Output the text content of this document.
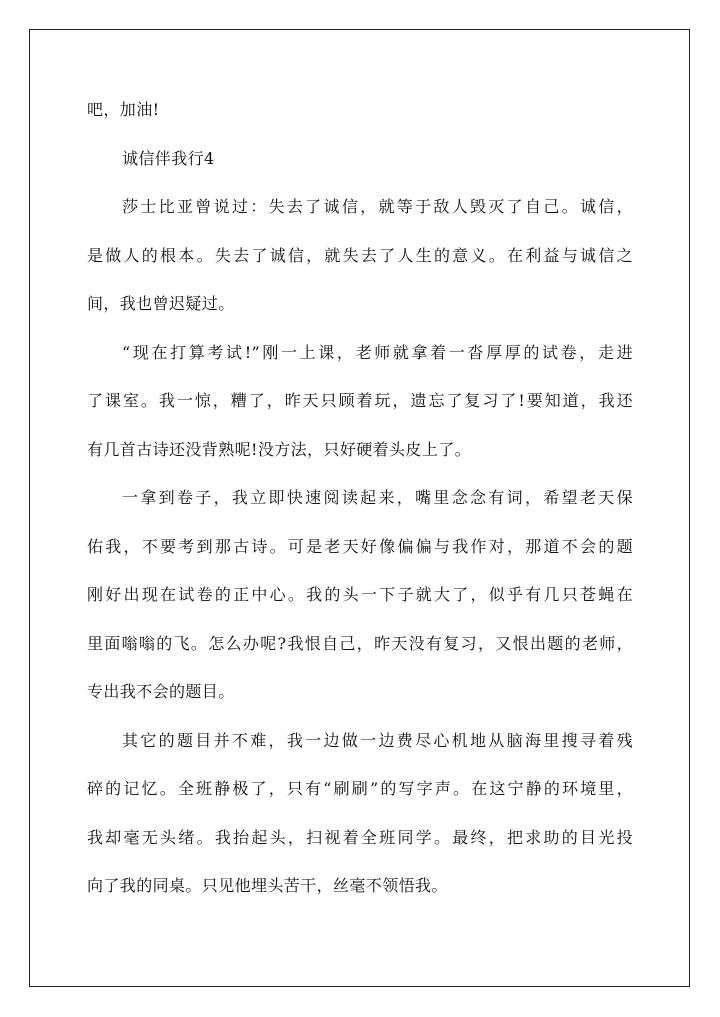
吧，加油!
诚信伴我行4
莎士比亚曾说过：失去了诚信，就等于敌人毁灭了自己。诚信，
是做人的根本。失去了诚信，就失去了人生的意义。在利益与诚信之
间，我也曾迟疑过。
“现在打算考试!”刚一上课，老师就拿着一沓厚厚的试卷，走进
了课室。我一惊，糟了，昨天只顾着玩，遗忘了复习了!要知道，我还
有几首古诗还没背熟呢!没方法，只好硬着头皮上了。
一拿到卷子，我立即快速阅读起来，嘴里念念有词，希望老天保
佑我，不要考到那古诗。可是老天好像偏偏与我作对，那道不会的题
刚好出现在试卷的正中心。我的头一下子就大了，似乎有几只苍蝇在
里面嗡嗡的飞。怎么办呢?我恨自己，昨天没有复习，又恨出题的老师，
专出我不会的题目。
其它的题目并不难，我一边做一边费尽心机地从脑海里搜寻着残
碎的记忆。全班静极了，只有“刷刷”的写字声。在这宁静的环境里，
我却毫无头绪。我抬起头，扫视着全班同学。最终，把求助的目光投
向了我的同桌。只见他埋头苦干，丝毫不领悟我。
